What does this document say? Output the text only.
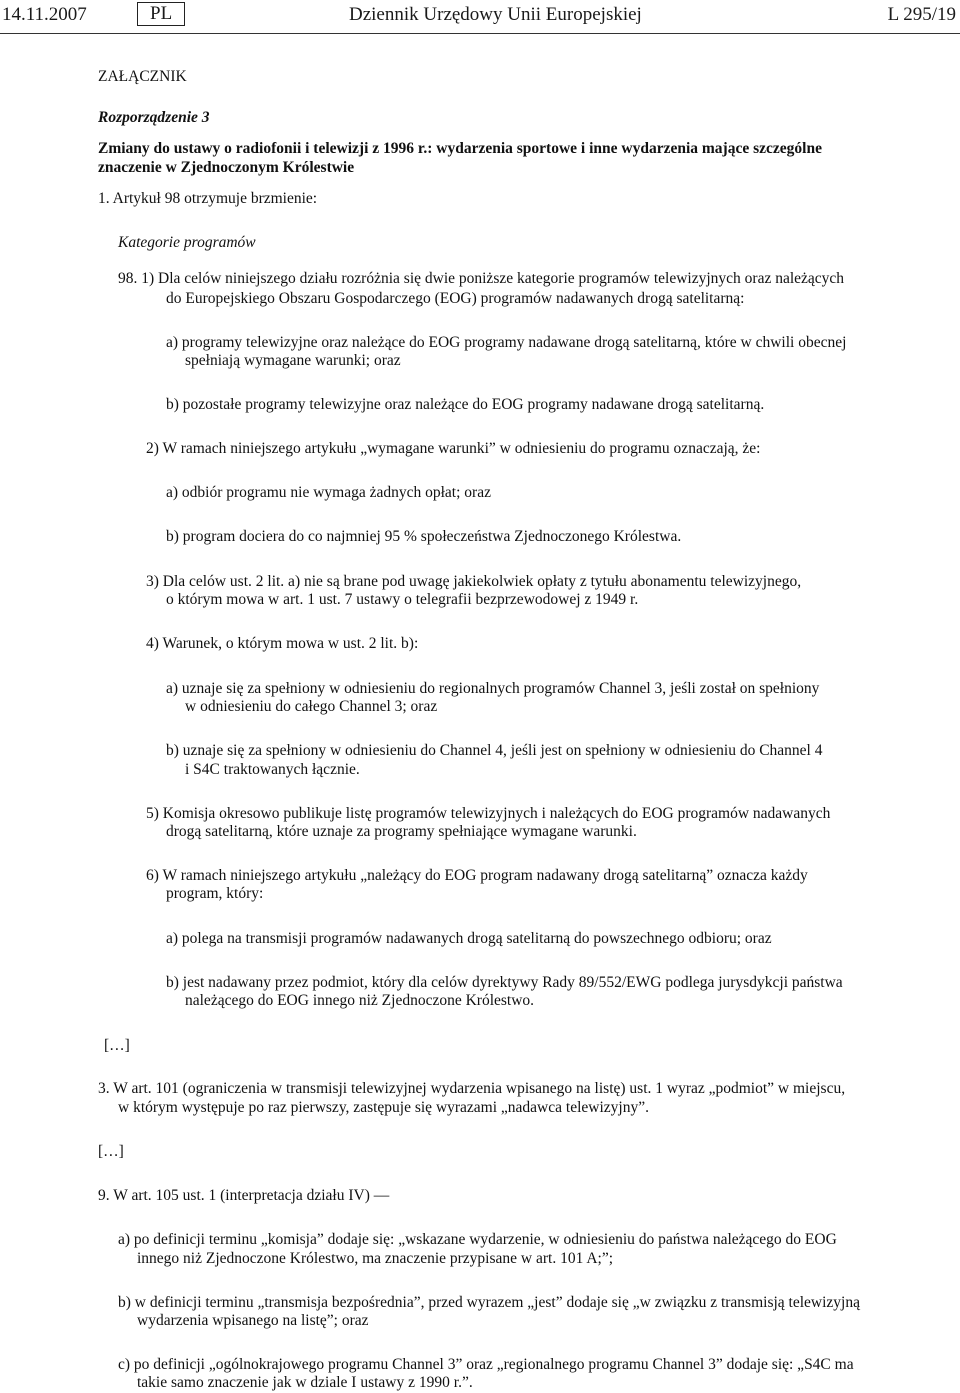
14.11.2007	PL	Dziennik Urzędowy Unii Europejskiej	L 295/19
ZAŁĄCZNIK
Rozporządzenie 3
Zmiany do ustawy o radiofonii i telewizji z 1996 r.: wydarzenia sportowe i inne wydarzenia mające szczególne
znaczenie w Zjednoczonym Królestwie
1. Artykuł 98 otrzymuje brzmienie:
Kategorie programów
98. 1) Dla celów niniejszego działu rozróżnia się dwie poniższe kategorie programów telewizyjnych oraz należących
do Europejskiego Obszaru Gospodarczego (EOG) programów nadawanych drogą satelitarną:
a) programy telewizyjne oraz należące do EOG programy nadawane drogą satelitarną, które w chwili obecnej
spełniają wymagane warunki; oraz
b) pozostałe programy telewizyjne oraz należące do EOG programy nadawane drogą satelitarną.
2) W ramach niniejszego artykułu „wymagane warunki” w odniesieniu do programu oznaczają, że:
a) odbiór programu nie wymaga żadnych opłat; oraz
b) program dociera do co najmniej 95 % społeczeństwa Zjednoczonego Królestwa.
3) Dla celów ust. 2 lit. a) nie są brane pod uwagę jakiekolwiek opłaty z tytułu abonamentu telewizyjnego,
o którym mowa w art. 1 ust. 7 ustawy o telegrafii bezprzewodowej z 1949 r.
4) Warunek, o którym mowa w ust. 2 lit. b):
a) uznaje się za spełniony w odniesieniu do regionalnych programów Channel 3, jeśli został on spełniony
w odniesieniu do całego Channel 3; oraz
b) uznaje się za spełniony w odniesieniu do Channel 4, jeśli jest on spełniony w odniesieniu do Channel 4
i S4C traktowanych łącznie.
5) Komisja okresowo publikuje listę programów telewizyjnych i należących do EOG programów nadawanych
drogą satelitarną, które uznaje za programy spełniające wymagane warunki.
6) W ramach niniejszego artykułu „należący do EOG program nadawany drogą satelitarną” oznacza każdy
program, który:
a) polega na transmisji programów nadawanych drogą satelitarną do powszechnego odbioru; oraz
b) jest nadawany przez podmiot, który dla celów dyrektywy Rady 89/552/EWG podlega jurysdykcji państwa
należącego do EOG innego niż Zjednoczone Królestwo.
[…]
3. W art. 101 (ograniczenia w transmisji telewizyjnej wydarzenia wpisanego na listę) ust. 1 wyraz „podmiot” w miejscu,
w którym występuje po raz pierwszy, zastępuje się wyrazami „nadawca telewizyjny”.
[…]
9. W art. 105 ust. 1 (interpretacja działu IV) —
a) po definicji terminu „komisja” dodaje się: „wskazane wydarzenie, w odniesieniu do państwa należącego do EOG
innego niż Zjednoczone Królestwo, ma znaczenie przypisane w art. 101 A;”;
b) w definicji terminu „transmisja bezpośrednia”, przed wyrazem „jest” dodaje się „w związku z transmisją telewizyjną
wydarzenia wpisanego na listę”; oraz
c) po definicji „ogólnokrajowego programu Channel 3” oraz „regionalnego programu Channel 3” dodaje się: „S4C ma
takie samo znaczenie jak w dziale I ustawy z 1990 r.”.
